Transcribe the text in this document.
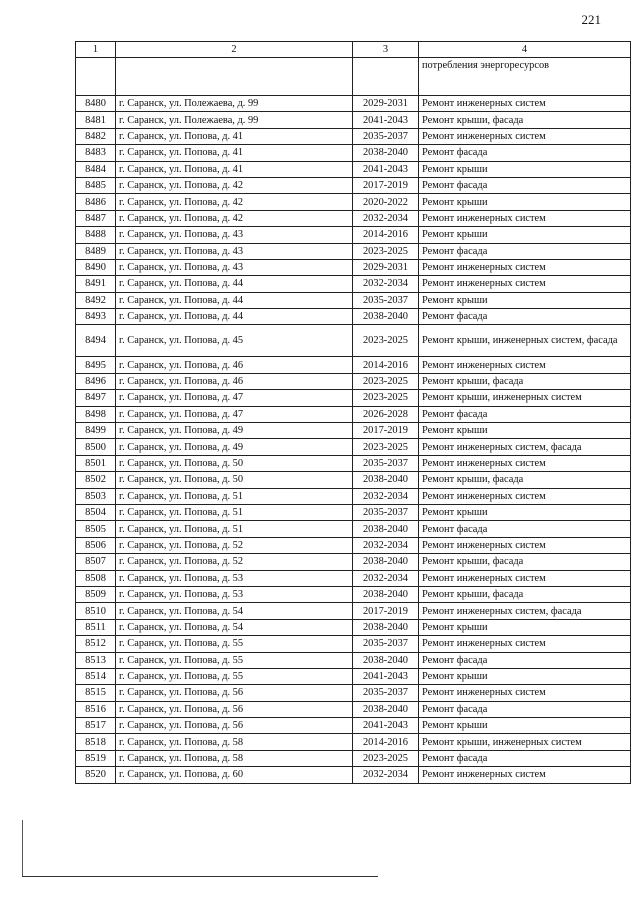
221
1	2	3	4
			потребления энергоресурсов
8480	г. Саранск, ул. Полежаева, д. 99	2029-2031	Ремонт инженерных систем
8481	г. Саранск, ул. Полежаева, д. 99	2041-2043	Ремонт крыши, фасада
8482	г. Саранск, ул. Попова, д. 41	2035-2037	Ремонт инженерных систем
8483	г. Саранск, ул. Попова, д. 41	2038-2040	Ремонт фасада
8484	г. Саранск, ул. Попова, д. 41	2041-2043	Ремонт крыши
8485	г. Саранск, ул. Попова, д. 42	2017-2019	Ремонт фасада
8486	г. Саранск, ул. Попова, д. 42	2020-2022	Ремонт крыши
8487	г. Саранск, ул. Попова, д. 42	2032-2034	Ремонт инженерных систем
8488	г. Саранск, ул. Попова, д. 43	2014-2016	Ремонт крыши
8489	г. Саранск, ул. Попова, д. 43	2023-2025	Ремонт фасада
8490	г. Саранск, ул. Попова, д. 43	2029-2031	Ремонт инженерных систем
8491	г. Саранск, ул. Попова, д. 44	2032-2034	Ремонт инженерных систем
8492	г. Саранск, ул. Попова, д. 44	2035-2037	Ремонт крыши
8493	г. Саранск, ул. Попова, д. 44	2038-2040	Ремонт фасада
8494	г. Саранск, ул. Попова, д. 45	2023-2025	Ремонт крыши, инженерных систем, фасада
8495	г. Саранск, ул. Попова, д. 46	2014-2016	Ремонт инженерных систем
8496	г. Саранск, ул. Попова, д. 46	2023-2025	Ремонт крыши, фасада
8497	г. Саранск, ул. Попова, д. 47	2023-2025	Ремонт крыши, инженерных систем
8498	г. Саранск, ул. Попова, д. 47	2026-2028	Ремонт фасада
8499	г. Саранск, ул. Попова, д. 49	2017-2019	Ремонт крыши
8500	г. Саранск, ул. Попова, д. 49	2023-2025	Ремонт инженерных систем, фасада
8501	г. Саранск, ул. Попова, д. 50	2035-2037	Ремонт инженерных систем
8502	г. Саранск, ул. Попова, д. 50	2038-2040	Ремонт крыши, фасада
8503	г. Саранск, ул. Попова, д. 51	2032-2034	Ремонт инженерных систем
8504	г. Саранск, ул. Попова, д. 51	2035-2037	Ремонт крыши
8505	г. Саранск, ул. Попова, д. 51	2038-2040	Ремонт фасада
8506	г. Саранск, ул. Попова, д. 52	2032-2034	Ремонт инженерных систем
8507	г. Саранск, ул. Попова, д. 52	2038-2040	Ремонт крыши, фасада
8508	г. Саранск, ул. Попова, д. 53	2032-2034	Ремонт инженерных систем
8509	г. Саранск, ул. Попова, д. 53	2038-2040	Ремонт крыши, фасада
8510	г. Саранск, ул. Попова, д. 54	2017-2019	Ремонт инженерных систем, фасада
8511	г. Саранск, ул. Попова, д. 54	2038-2040	Ремонт крыши
8512	г. Саранск, ул. Попова, д. 55	2035-2037	Ремонт инженерных систем
8513	г. Саранск, ул. Попова, д. 55	2038-2040	Ремонт фасада
8514	г. Саранск, ул. Попова, д. 55	2041-2043	Ремонт крыши
8515	г. Саранск, ул. Попова, д. 56	2035-2037	Ремонт инженерных систем
8516	г. Саранск, ул. Попова, д. 56	2038-2040	Ремонт фасада
8517	г. Саранск, ул. Попова, д. 56	2041-2043	Ремонт крыши
8518	г. Саранск, ул. Попова, д. 58	2014-2016	Ремонт крыши, инженерных систем
8519	г. Саранск, ул. Попова, д. 58	2023-2025	Ремонт фасада
8520	г. Саранск, ул. Попова, д. 60	2032-2034	Ремонт инженерных систем
